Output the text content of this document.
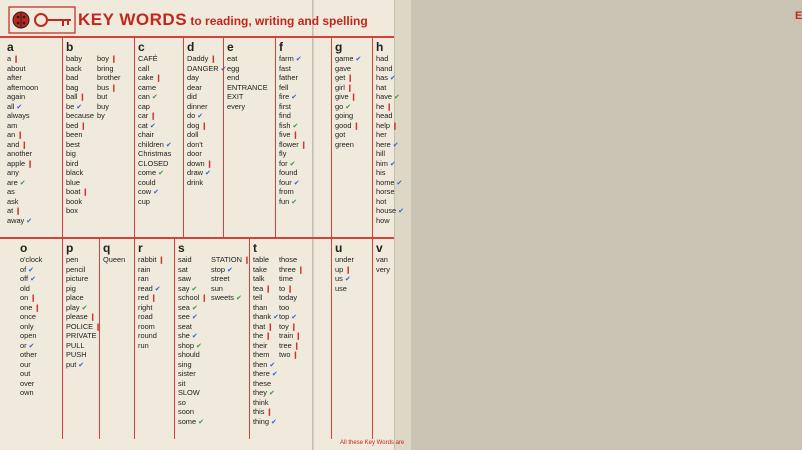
E
KEY WORDS to reading, writing and spelling
a
a ❙
about
after
afternoon
again
all ✔
always
am
an ❙
and ❙
another
apple ❙
any
are ✔
as
ask
at ❙
away ✔
b
baby
back
bad
bag
ball ❙
be ✔
because
bed ❙
been
best
big
bird
black
blue
boat ❙
book
box
boy ❙
bring
brother
bus ❙
but
buy
by
c
CAFÉ
call
cake ❙
came
can ✔
cap
car ❙
cat ✔
chair
children ✔
Christmas
CLOSED
come ✔
could
cow ✔
cup
d
Daddy ❙
DANGER ✔
day
dear
did
dinner
do ✔
dog ❙
doll
don't
door
down ❙
draw ✔
drink
e
eat
egg
end
ENTRANCE
EXIT
every
f
farm ✔
fast
father
fell
fire ✔
first
find
fish ✔
five ❙
flower ❙
fly
for ✔
found
four ✔
from
fun ✔
g
game ✔
gave
get ❙
girl ❙
give ❙
go ✔
going
good ❙
got
green
h
had
hand
has ✔
hat
have ✔
he ❙
head
help ❙
her
here ✔
hill
him ✔
his
home ✔
horse
hot
house ✔
how
o
o'clock
of ✔
off ✔
old
on ❙
one ❙
once
only
open
or ✔
other
our
out
over
own
p
pen
pencil
picture
pig
place
play ✔
please ❙
POLICE ❙
PRIVATE
PULL
PUSH
put ✔
q
Queen
r
rabbit ❙
rain
ran
read ✔
red ❙
right
road
room
round
run
s
said
sat
saw
say ✔
school ❙
sea ✔
see ✔
seat
she ✔
shop ✔
should
sing
sister
sit
SLOW
so
soon
some ✔
STATION ❙
stop ✔
street
sun
sweets ✔
t
table
take
talk
tea ❙
tell
than
thank ✔
that ❙
the ❙
their
them
then ✔
there ✔
these
they ✔
think
this ❙
thing ✔
those
three ❙
time
to ❙
today
too
top ✔
toy ❙
train ❙
tree ❙
two ❙
u
under
up ❙
us ✔
use
v
van
very
All these Key Words are
